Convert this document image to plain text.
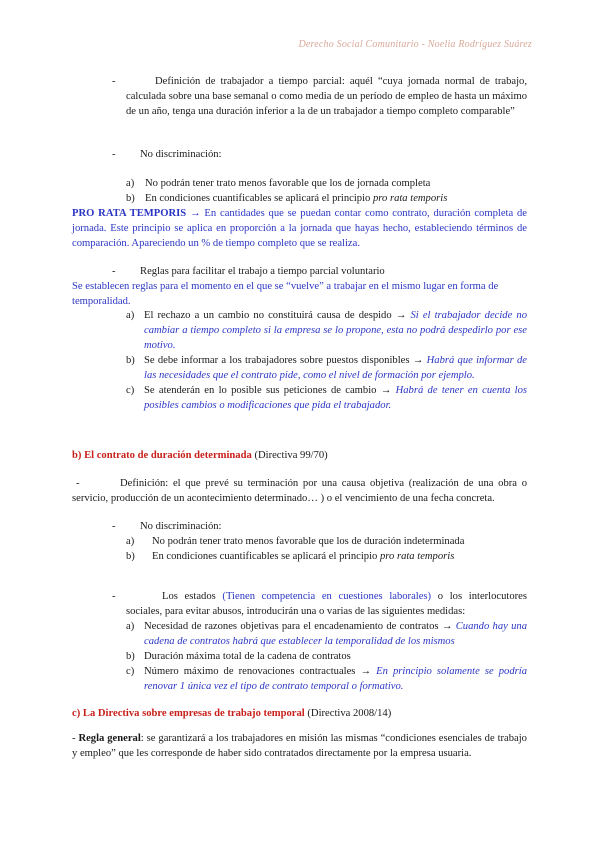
Derecho Social Comunitario - Noelia Rodríguez Suárez
-	Definición de trabajador a tiempo parcial: aquél “cuya jornada normal de trabajo, calculada sobre una base semanal o como media de un período de empleo de hasta un máximo de un año, tenga una duración inferior a la de un trabajador a tiempo completo comparable”
- No discriminación:
a) No podrán tener trato menos favorable que los de jornada completa
b) En condiciones cuantificables se aplicará el principio pro rata temporis
PRO RATA TEMPORIS → En cantidades que se puedan contar como contrato, duración completa de jornada. Este principio se aplica en proporción a la jornada que hayas hecho, estableciendo términos de comparación. Apareciendo un % de tiempo completo que se realiza.
- Reglas para facilitar el trabajo a tiempo parcial voluntario
Se establecen reglas para el momento en el que se “vuelve” a trabajar en el mismo lugar en forma de temporalidad.
a) El rechazo a un cambio no constituirá causa de despido → Si el trabajador decide no cambiar a tiempo completo si la empresa se lo propone, esta no podrá despedirlo por ese motivo.
b) Se debe informar a los trabajadores sobre puestos disponibles → Habrá que informar de las necesidades que el contrato pide, como el nivel de formación por ejemplo.
c) Se atenderán en lo posible sus peticiones de cambio → Habrá de tener en cuenta los posibles cambios o modificaciones que pida el trabajador.
b) El contrato de duración determinada (Directiva 99/70)
-	Definición: el que prevé su terminación por una causa objetiva (realización de una obra o servicio, producción de un acontecimiento determinado… ) o el vencimiento de una fecha concreta.
- No discriminación:
a) No podrán tener trato menos favorable que los de duración indeterminada
b) En condiciones cuantificables se aplicará el principio pro rata temporis
-	Los estados (Tienen competencia en cuestiones laborales) o los interlocutores sociales, para evitar abusos, introducirán una o varias de las siguientes medidas:
a) Necesidad de razones objetivas para el encadenamiento de contratos → Cuando hay una cadena de contratos habrá que establecer la temporalidad de los mismos
b) Duración máxima total de la cadena de contratos
c) Número máximo de renovaciones contractuales → En principio solamente se podría renovar 1 única vez el tipo de contrato temporal o formativo.
c) La Directiva sobre empresas de trabajo temporal (Directiva 2008/14)
- Regla general: se garantizará a los trabajadores en misión las mismas “condiciones esenciales de trabajo y empleo” que les corresponde de haber sido contratados directamente por la empresa usuaria.
